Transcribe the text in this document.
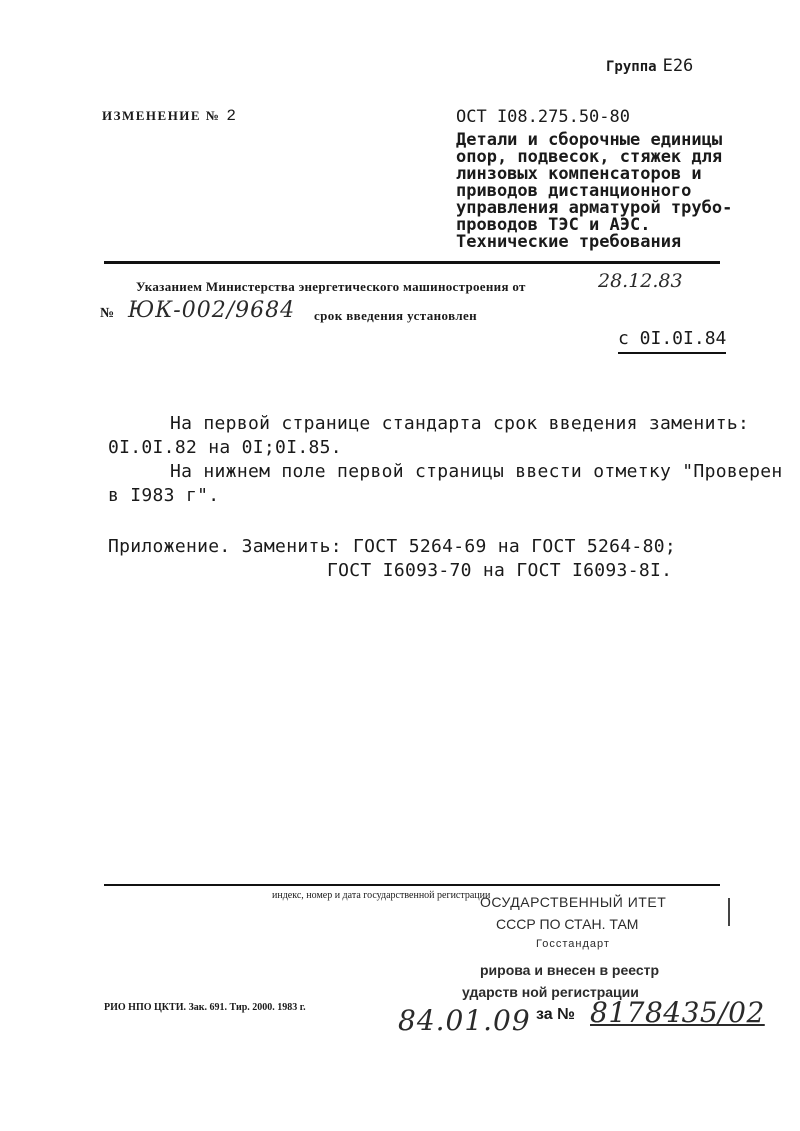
Группа Е26
ИЗМЕНЕНИЕ № 2	ОСТ I08.275.50-80
Детали и сборочные единицы
опор, подвесок, стяжек для
линзовых компенсаторов и
приводов дистанционного
управления арматурой трубо-
проводов ТЭС и АЭС.
Технические требования
Указанием Министерства энергетического машиностроения от	28.12.83
№ ЮК-002/9684 срок введения установлен
с 0I.0I.84
На первой странице стандарта срок введения заменить:
0I.0I.82 на 0I;0I.85.
На нижнем поле первой страницы ввести отметку "Проверен
в I983 г".
Приложение. Заменить: ГОСТ 5264-69 на ГОСТ 5264-80;
ГОСТ I6093-70 на ГОСТ I6093-8I.
индекс, номер и дата государственной регистрации
РИО НПО ЦКТИ. Зак. 691. Тир. 2000. 1983 г.
ОСУДАРСТВЕННЫЙ ИТЕТ
СССР ПО СТАН. ТАМ
Госстандарт
рирова и внесен в реестр
ударств ной регистрации
84.01.09 за № 8178435/02
